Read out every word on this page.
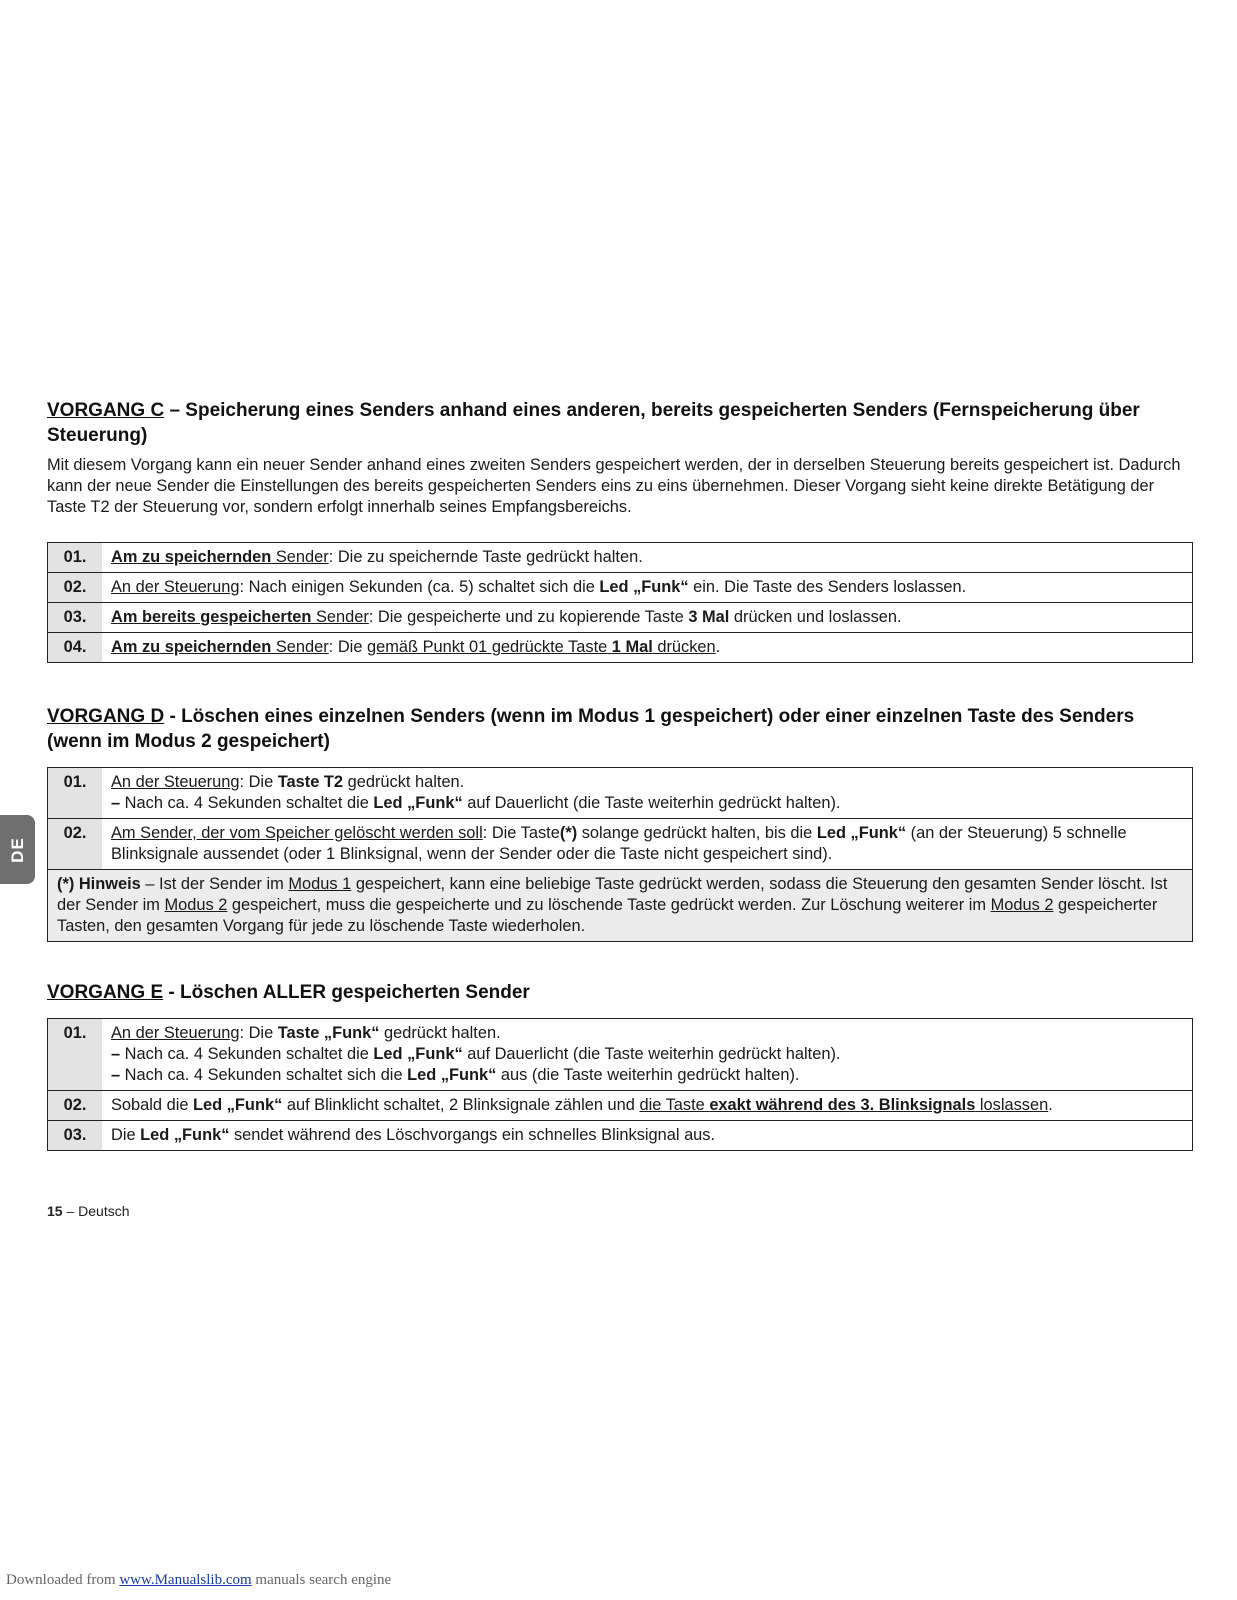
DE
VORGANG C – Speicherung eines Senders anhand eines anderen, bereits gespeicherten Senders (Fernspeicherung über Steuerung)

Mit diesem Vorgang kann ein neuer Sender anhand eines zweiten Senders gespeichert werden, der in derselben Steuerung bereits gespeichert ist. Dadurch kann der neue Sender die Einstellungen des bereits gespeicherten Senders eins zu eins übernehmen. Dieser Vorgang sieht keine direkte Betätigung der Taste T2 der Steuerung vor, sondern erfolgt innerhalb seines Empfangsbereichs.

01.	Am zu speichernden Sender: Die zu speichernde Taste gedrückt halten.
02.	An der Steuerung: Nach einigen Sekunden (ca. 5) schaltet sich die Led „Funk“ ein. Die Taste des Senders loslassen.
03.	Am bereits gespeicherten Sender: Die gespeicherte und zu kopierende Taste 3 Mal drücken und loslassen.
04.	Am zu speichernden Sender: Die gemäß Punkt 01 gedrückte Taste 1 Mal drücken.
VORGANG D - Löschen eines einzelnen Senders (wenn im Modus 1 gespeichert) oder einer einzelnen Taste des Senders (wenn im Modus 2 gespeichert)
01.	An der Steuerung: Die Taste T2 gedrückt halten.
– Nach ca. 4 Sekunden schaltet die Led „Funk“ auf Dauerlicht (die Taste weiterhin gedrückt halten).
02.	Am Sender, der vom Speicher gelöscht werden soll: Die Taste(*) solange gedrückt halten, bis die Led „Funk“ (an der Steuerung) 5 schnelle Blinksignale aussendet (oder 1 Blinksignal, wenn der Sender oder die Taste nicht gespeichert sind).
(*) Hinweis – Ist der Sender im Modus 1 gespeichert, kann eine beliebige Taste gedrückt werden, sodass die Steuerung den gesamten Sender löscht. Ist der Sender im Modus 2 gespeichert, muss die gespeicherte und zu löschende Taste gedrückt werden. Zur Löschung weiterer im Modus 2 gespeicherter Tasten, den gesamten Vorgang für jede zu löschende Taste wiederholen.	
VORGANG E - Löschen ALLER gespeicherten Sender
01.	An der Steuerung: Die Taste „Funk“ gedrückt halten.
– Nach ca. 4 Sekunden schaltet die Led „Funk“ auf Dauerlicht (die Taste weiterhin gedrückt halten).
– Nach ca. 4 Sekunden schaltet sich die Led „Funk“ aus (die Taste weiterhin gedrückt halten).
02.	Sobald die Led „Funk“ auf Blinklicht schaltet, 2 Blinksignale zählen und die Taste exakt während des 3. Blinksignals loslassen.
03.	Die Led „Funk“ sendet während des Löschvorgangs ein schnelles Blinksignal aus.
15 – Deutsch
Downloaded from www.Manualslib.com manuals search engine
